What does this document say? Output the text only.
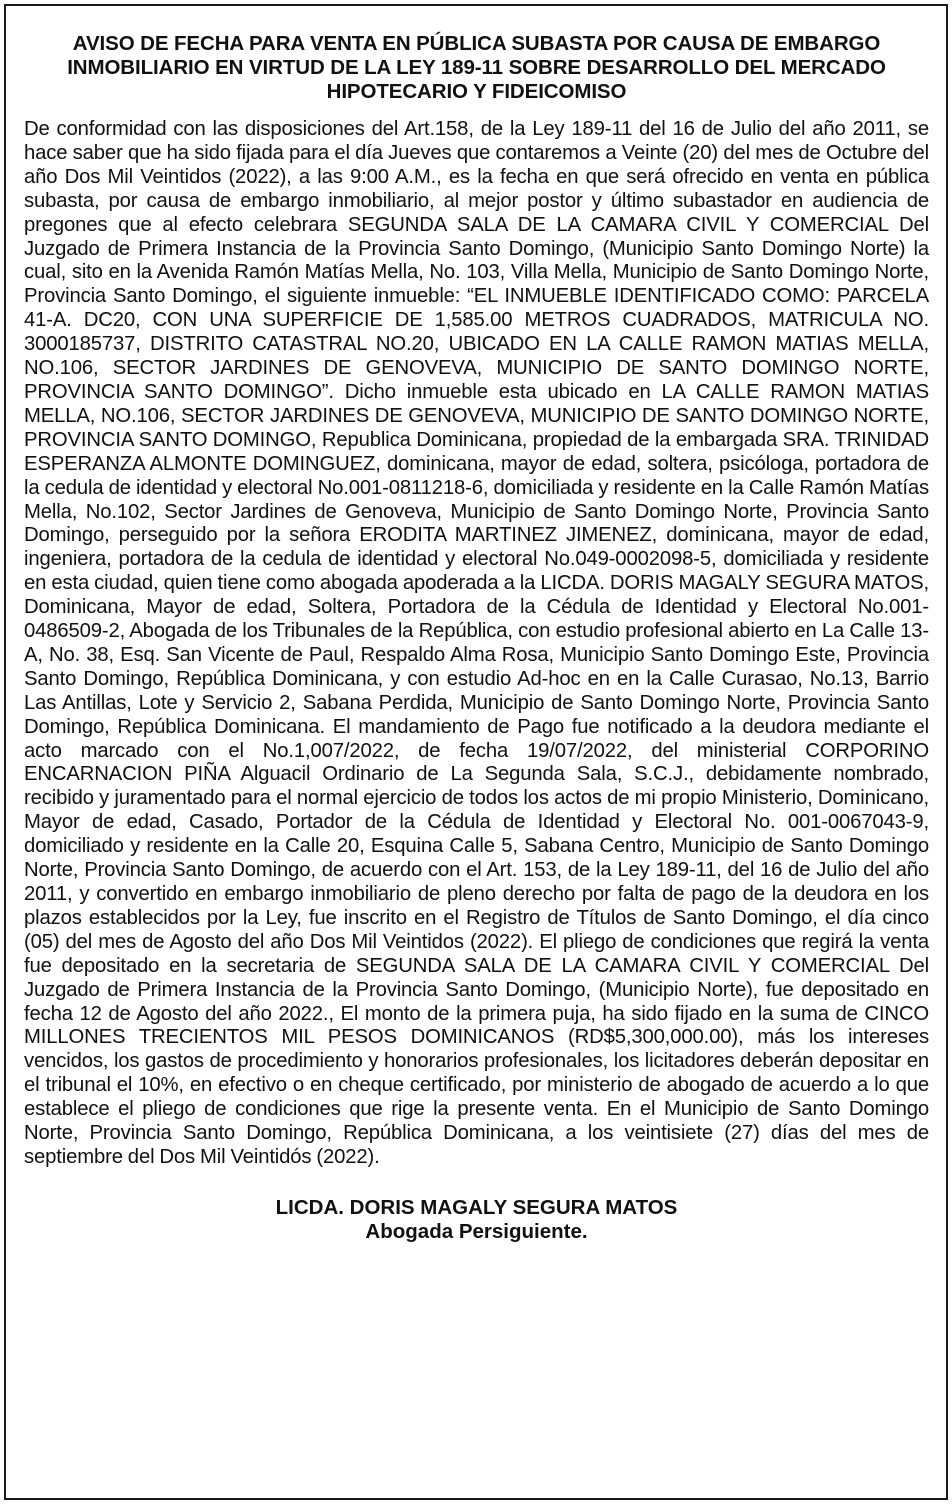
AVISO DE FECHA PARA VENTA EN PÚBLICA SUBASTA POR CAUSA DE EMBARGO INMOBILIARIO EN VIRTUD DE LA LEY 189-11 SOBRE DESARROLLO DEL MERCADO HIPOTECARIO Y FIDEICOMISO

De conformidad con las disposiciones del Art.158, de la Ley 189-11 del 16 de Julio del año 2011, se hace saber que ha sido fijada para el día Jueves que contaremos a Veinte (20) del mes de Octubre del año Dos Mil Veintidos (2022), a las 9:00 A.M., es la fecha en que será ofrecido en venta en pública subasta, por causa de embargo inmobiliario, al mejor postor y último subastador en audiencia de pregones que al efecto celebrara SEGUNDA SALA DE LA CAMARA CIVIL Y COMERCIAL Del Juzgado de Primera Instancia de la Provincia Santo Domingo, (Municipio Santo Domingo Norte) la cual, sito en la Avenida Ramón Matías Mella, No. 103, Villa Mella, Municipio de Santo Domingo Norte, Provincia Santo Domingo, el siguiente inmueble: “EL INMUEBLE IDENTIFICADO COMO: PARCELA 41-A. DC20, CON UNA SUPERFICIE DE 1,585.00 METROS CUADRADOS, MATRICULA NO. 3000185737, DISTRITO CATASTRAL NO.20, UBICADO EN LA CALLE RAMON MATIAS MELLA, NO.106, SECTOR JARDINES DE GENOVEVA, MUNICIPIO DE SANTO DOMINGO NORTE, PROVINCIA SANTO DOMINGO”. Dicho inmueble esta ubicado en LA CALLE RAMON MATIAS MELLA, NO.106, SECTOR JARDINES DE GENOVEVA, MUNICIPIO DE SANTO DOMINGO NORTE, PROVINCIA SANTO DOMINGO, Republica Dominicana, propiedad de la embargada SRA. TRINIDAD ESPERANZA ALMONTE DOMINGUEZ, dominicana, mayor de edad, soltera, psicóloga, portadora de la cedula de identidad y electoral No.001-0811218-6, domiciliada y residente en la Calle Ramón Matías Mella, No.102, Sector Jardines de Genoveva, Municipio de Santo Domingo Norte, Provincia Santo Domingo, perseguido por la señora ERODITA MARTINEZ JIMENEZ, dominicana, mayor de edad, ingeniera, portadora de la cedula de identidad y electoral No.049-0002098-5, domiciliada y residente en esta ciudad, quien tiene como abogada apoderada a la LICDA. DORIS MAGALY SEGURA MATOS, Dominicana, Mayor de edad, Soltera, Portadora de la Cédula de Identidad y Electoral No.001-0486509-2, Abogada de los Tribunales de la República, con estudio profesional abierto en La Calle 13-A, No. 38, Esq. San Vicente de Paul, Respaldo Alma Rosa, Municipio Santo Domingo Este, Provincia Santo Domingo, República Dominicana, y con estudio Ad-hoc en en la Calle Curasao, No.13, Barrio Las Antillas, Lote y Servicio 2, Sabana Perdida, Municipio de Santo Domingo Norte, Provincia Santo Domingo, República Dominicana. El mandamiento de Pago fue notificado a la deudora mediante el acto marcado con el No.1,007/2022, de fecha 19/07/2022, del ministerial CORPORINO ENCARNACION PIÑA Alguacil Ordinario de La Segunda Sala, S.C.J., debidamente nombrado, recibido y juramentado para el normal ejercicio de todos los actos de mi propio Ministerio, Dominicano, Mayor de edad, Casado, Portador de la Cédula de Identidad y Electoral No. 001-0067043-9, domiciliado y residente en la Calle 20, Esquina Calle 5, Sabana Centro, Municipio de Santo Domingo Norte, Provincia Santo Domingo, de acuerdo con el Art. 153, de la Ley 189-11, del 16 de Julio del año 2011, y convertido en embargo inmobiliario de pleno derecho por falta de pago de la deudora en los plazos establecidos por la Ley, fue inscrito en el Registro de Títulos de Santo Domingo, el día cinco (05) del mes de Agosto del año Dos Mil Veintidos (2022). El pliego de condiciones que regirá la venta fue depositado en la secretaria de SEGUNDA SALA DE LA CAMARA CIVIL Y COMERCIAL Del Juzgado de Primera Instancia de la Provincia Santo Domingo, (Municipio Norte), fue depositado en fecha 12 de Agosto del año 2022., El monto de la primera puja, ha sido fijado en la suma de CINCO MILLONES TRECIENTOS MIL PESOS DOMINICANOS (RD$5,300,000.00), más los intereses vencidos, los gastos de procedimiento y honorarios profesionales, los licitadores deberán depositar en el tribunal el 10%, en efectivo o en cheque certificado, por ministerio de abogado de acuerdo a lo que establece el pliego de condiciones que rige la presente venta. En el Municipio de Santo Domingo Norte, Provincia Santo Domingo, República Dominicana, a los veintisiete (27) días del mes de septiembre del Dos Mil Veintidós (2022).

LICDA. DORIS MAGALY SEGURA MATOS
Abogada Persiguiente.
